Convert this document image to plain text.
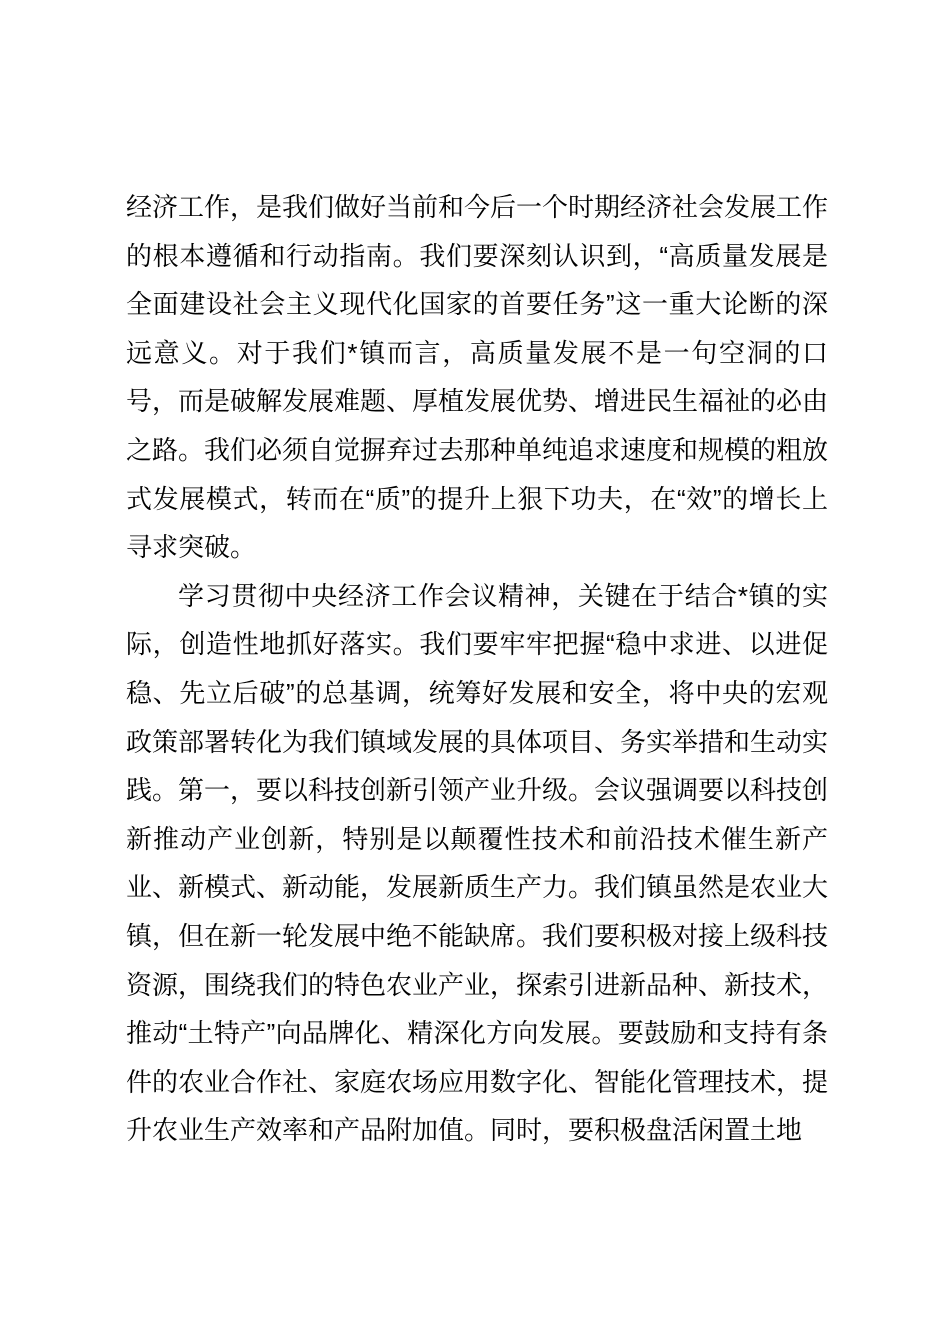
经济工作，是我们做好当前和今后一个时期经济社会发展工作的根本遵循和行动指南。我们要深刻认识到，“高质量发展是全面建设社会主义现代化国家的首要任务”这一重大论断的深远意义。对于我们*镇而言，高质量发展不是一句空洞的口号，而是破解发展难题、厚植发展优势、增进民生福祉的必由之路。我们必须自觉摒弃过去那种单纯追求速度和规模的粗放式发展模式，转而在“质”的提升上狠下功夫，在“效”的增长上寻求突破。

学习贯彻中央经济工作会议精神，关键在于结合*镇的实际，创造性地抓好落实。我们要牢牢把握“稳中求进、以进促稳、先立后破”的总基调，统筹好发展和安全，将中央的宏观政策部署转化为我们镇域发展的具体项目、务实举措和生动实践。第一，要以科技创新引领产业升级。会议强调要以科技创新推动产业创新，特别是以颠覆性技术和前沿技术催生新产业、新模式、新动能，发展新质生产力。我们镇虽然是农业大镇，但在新一轮发展中绝不能缺席。我们要积极对接上级科技资源，围绕我们的特色农业产业，探索引进新品种、新技术，推动“土特产”向品牌化、精深化方向发展。要鼓励和支持有条件的农业合作社、家庭农场应用数字化、智能化管理技术，提升农业生产效率和产品附加值。同时，要积极盘活闲置土地
